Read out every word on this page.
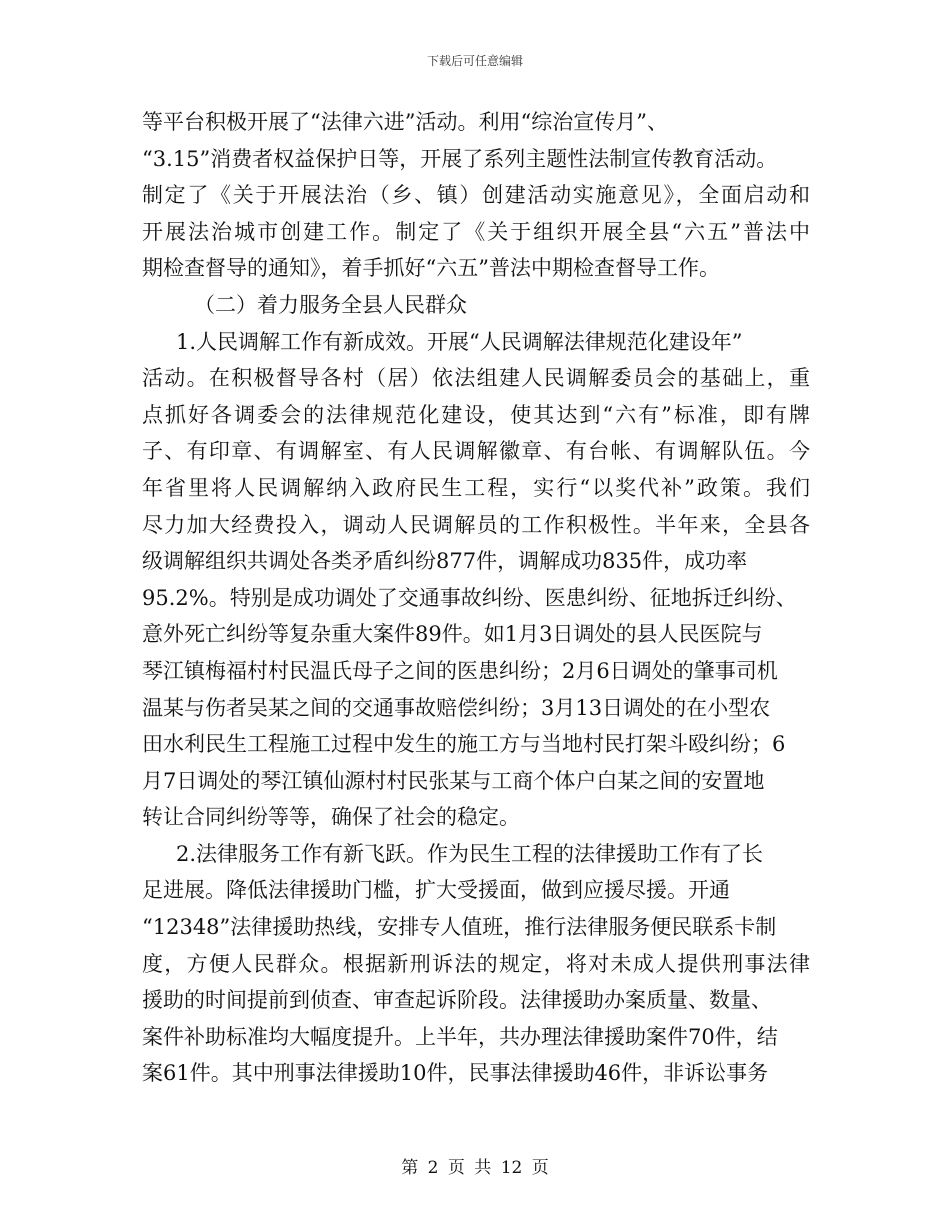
下载后可任意编辑
等平台积极开展了“法律六进”活动。利用“综治宣传月”、
“3.15”消费者权益保护日等，开展了系列主题性法制宣传教育活动。
制定了《关于开展法治（乡、镇）创建活动实施意见》，全面启动和
开展法治城市创建工作。制定了《关于组织开展全县“六五”普法中
期检查督导的通知》，着手抓好“六五”普法中期检查督导工作。
（二）着力服务全县人民群众
1.人民调解工作有新成效。开展“人民调解法律规范化建设年”
活动。在积极督导各村（居）依法组建人民调解委员会的基础上，重
点抓好各调委会的法律规范化建设，使其达到“六有”标准，即有牌
子、有印章、有调解室、有人民调解徽章、有台帐、有调解队伍。今
年省里将人民调解纳入政府民生工程，实行“以奖代补”政策。我们
尽力加大经费投入，调动人民调解员的工作积极性。半年来，全县各
级调解组织共调处各类矛盾纠纷877件，调解成功835件，成功率
95.2%。特别是成功调处了交通事故纠纷、医患纠纷、征地拆迁纠纷、
意外死亡纠纷等复杂重大案件89件。如1月3日调处的县人民医院与
琴江镇梅福村村民温氏母子之间的医患纠纷；2月6日调处的肇事司机
温某与伤者吴某之间的交通事故赔偿纠纷；3月13日调处的在小型农
田水利民生工程施工过程中发生的施工方与当地村民打架斗殴纠纷；6
月7日调处的琴江镇仙源村村民张某与工商个体户白某之间的安置地
转让合同纠纷等等，确保了社会的稳定。
2.法律服务工作有新飞跃。作为民生工程的法律援助工作有了长
足进展。降低法律援助门槛，扩大受援面，做到应援尽援。开通
“12348”法律援助热线，安排专人值班，推行法律服务便民联系卡制
度，方便人民群众。根据新刑诉法的规定，将对未成人提供刑事法律
援助的时间提前到侦查、审查起诉阶段。法律援助办案质量、数量、
案件补助标准均大幅度提升。上半年，共办理法律援助案件70件，结
案61件。其中刑事法律援助10件，民事法律援助46件，非诉讼事务
第 2 页 共 12 页
